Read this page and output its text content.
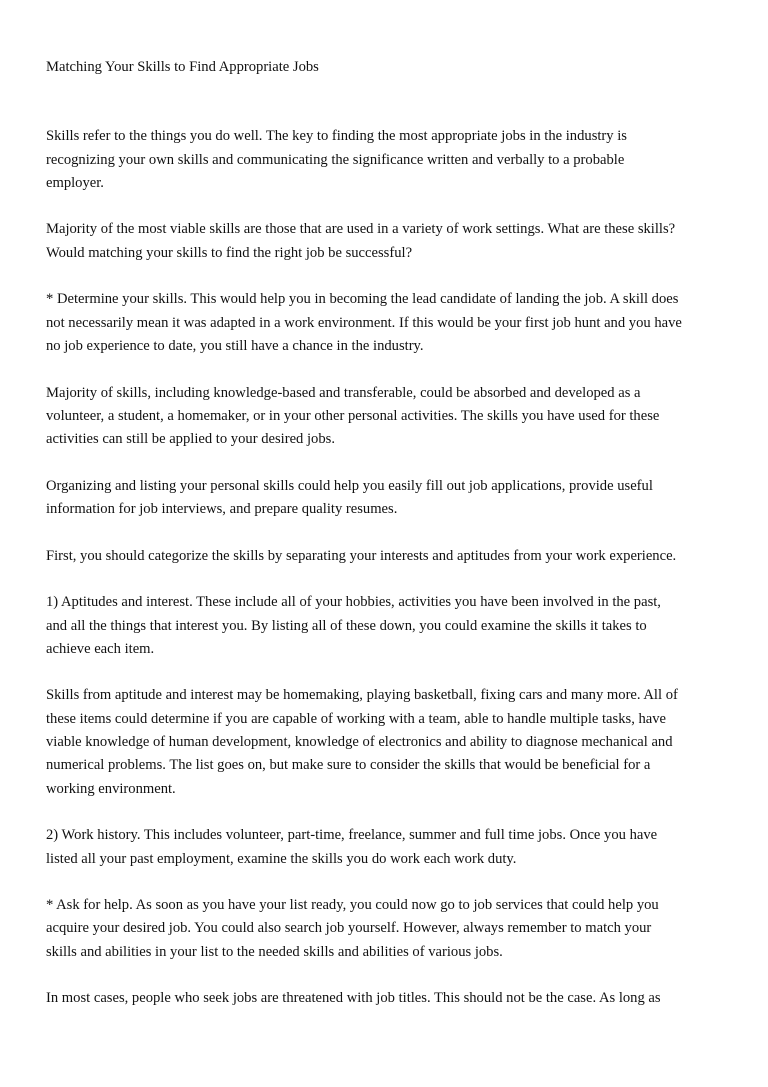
Matching Your Skills to Find Appropriate Jobs
Skills refer to the things you do well. The key to finding the most appropriate jobs in the industry is
recognizing your own skills and communicating the significance written and verbally to a probable
employer.
Majority of the most viable skills are those that are used in a variety of work settings. What are these skills?
Would matching your skills to find the right job be successful?
* Determine your skills. This would help you in becoming the lead candidate of landing the job. A skill does
not necessarily mean it was adapted in a work environment. If this would be your first job hunt and you have
no job experience to date, you still have a chance in the industry.
Majority of skills, including knowledge-based and transferable, could be absorbed and developed as a
volunteer, a student, a homemaker, or in your other personal activities. The skills you have used for these
activities can still be applied to your desired jobs.
Organizing and listing your personal skills could help you easily fill out job applications, provide useful
information for job interviews, and prepare quality resumes.
First, you should categorize the skills by separating your interests and aptitudes from your work experience.
1) Aptitudes and interest. These include all of your hobbies, activities you have been involved in the past,
and all the things that interest you. By listing all of these down, you could examine the skills it takes to
achieve each item.
Skills from aptitude and interest may be homemaking, playing basketball, fixing cars and many more. All of
these items could determine if you are capable of working with a team, able to handle multiple tasks, have
viable knowledge of human development, knowledge of electronics and ability to diagnose mechanical and
numerical problems. The list goes on, but make sure to consider the skills that would be beneficial for a
working environment.
2) Work history. This includes volunteer, part-time, freelance, summer and full time jobs. Once you have
listed all your past employment, examine the skills you do work each work duty.
* Ask for help. As soon as you have your list ready, you could now go to job services that could help you
acquire your desired job. You could also search job yourself. However, always remember to match your
skills and abilities in your list to the needed skills and abilities of various jobs.
In most cases, people who seek jobs are threatened with job titles. This should not be the case. As long as
